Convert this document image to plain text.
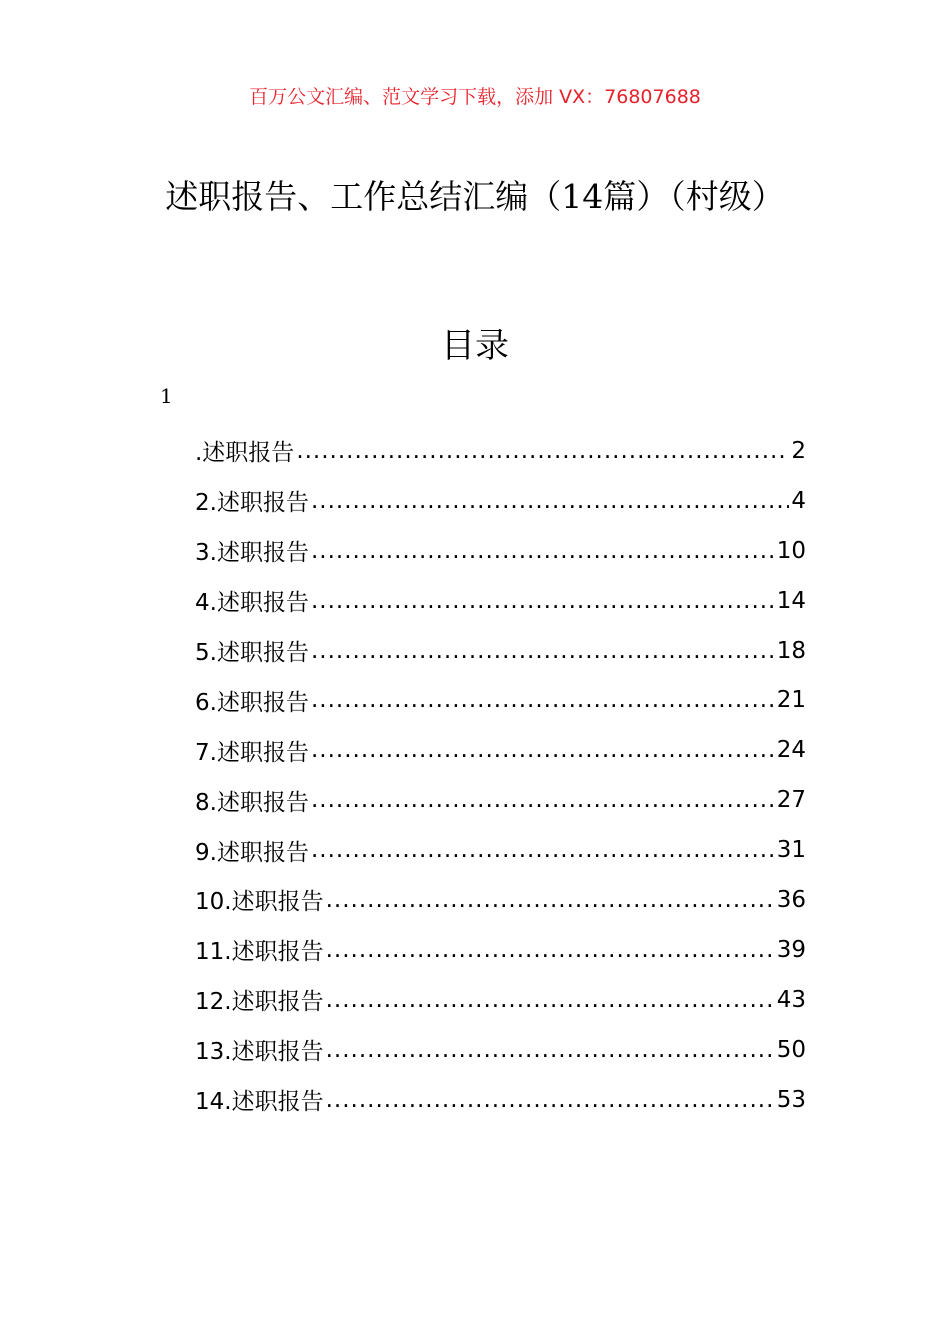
百万公文汇编、范文学习下载，添加 VX：76807688
述职报告、工作总结汇编（14篇）（村级）
目录
1
.述职报告 .....	2
2.述职报告 .....	4
3.述职报告 .....	10
4.述职报告 .....	14
5.述职报告 .....	18
6.述职报告 .....	21
7.述职报告 .....	24
8.述职报告 .....	27
9.述职报告 .....	31
10.述职报告 .....	36
11.述职报告 .....	39
12.述职报告 .....	43
13.述职报告 .....	50
14.述职报告 .....	53
